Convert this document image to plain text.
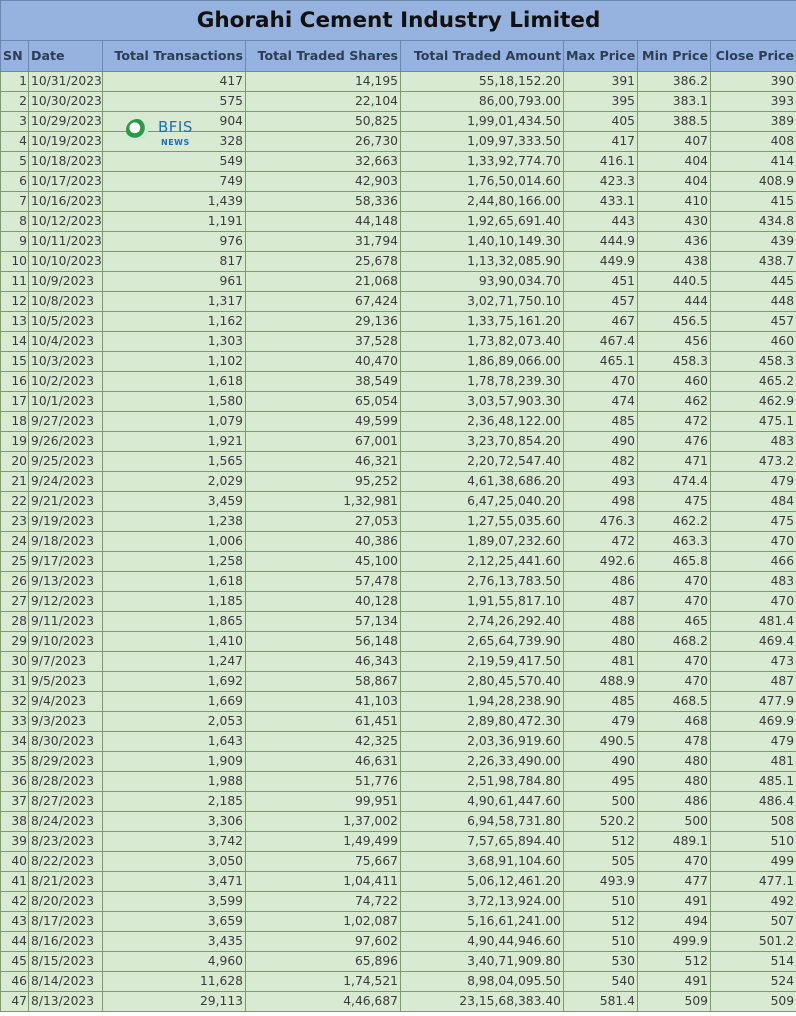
Ghorahi Cement Industry Limited							
SN	Date	Total Transactions	Total Traded Shares	Total Traded Amount	Max Price	Min Price	Close Price
1	10/31/2023	417	14,195	55,18,152.20	391	386.2	390
2	10/30/2023	575	22,104	86,00,793.00	395	383.1	393
3	10/29/2023	904	50,825	1,99,01,434.50	405	388.5	389
4	10/19/2023	328	26,730	1,09,97,333.50	417	407	408
5	10/18/2023	549	32,663	1,33,92,774.70	416.1	404	414
6	10/17/2023	749	42,903	1,76,50,014.60	423.3	404	408.9
7	10/16/2023	1,439	58,336	2,44,80,166.00	433.1	410	415
8	10/12/2023	1,191	44,148	1,92,65,691.40	443	430	434.8
9	10/11/2023	976	31,794	1,40,10,149.30	444.9	436	439
10	10/10/2023	817	25,678	1,13,32,085.90	449.9	438	438.7
11	10/9/2023	961	21,068	93,90,034.70	451	440.5	445
12	10/8/2023	1,317	67,424	3,02,71,750.10	457	444	448
13	10/5/2023	1,162	29,136	1,33,75,161.20	467	456.5	457
14	10/4/2023	1,303	37,528	1,73,82,073.40	467.4	456	460
15	10/3/2023	1,102	40,470	1,86,89,066.00	465.1	458.3	458.3
16	10/2/2023	1,618	38,549	1,78,78,239.30	470	460	465.2
17	10/1/2023	1,580	65,054	3,03,57,903.30	474	462	462.9
18	9/27/2023	1,079	49,599	2,36,48,122.00	485	472	475.1
19	9/26/2023	1,921	67,001	3,23,70,854.20	490	476	483
20	9/25/2023	1,565	46,321	2,20,72,547.40	482	471	473.2
21	9/24/2023	2,029	95,252	4,61,38,686.20	493	474.4	479
22	9/21/2023	3,459	1,32,981	6,47,25,040.20	498	475	484
23	9/19/2023	1,238	27,053	1,27,55,035.60	476.3	462.2	475
24	9/18/2023	1,006	40,386	1,89,07,232.60	472	463.3	470
25	9/17/2023	1,258	45,100	2,12,25,441.60	492.6	465.8	466
26	9/13/2023	1,618	57,478	2,76,13,783.50	486	470	483
27	9/12/2023	1,185	40,128	1,91,55,817.10	487	470	470
28	9/11/2023	1,865	57,134	2,74,26,292.40	488	465	481.4
29	9/10/2023	1,410	56,148	2,65,64,739.90	480	468.2	469.4
30	9/7/2023	1,247	46,343	2,19,59,417.50	481	470	473
31	9/5/2023	1,692	58,867	2,80,45,570.40	488.9	470	487
32	9/4/2023	1,669	41,103	1,94,28,238.90	485	468.5	477.9
33	9/3/2023	2,053	61,451	2,89,80,472.30	479	468	469.9
34	8/30/2023	1,643	42,325	2,03,36,919.60	490.5	478	479
35	8/29/2023	1,909	46,631	2,26,33,490.00	490	480	481
36	8/28/2023	1,988	51,776	2,51,98,784.80	495	480	485.1
37	8/27/2023	2,185	99,951	4,90,61,447.60	500	486	486.4
38	8/24/2023	3,306	1,37,002	6,94,58,731.80	520.2	500	508
39	8/23/2023	3,742	1,49,499	7,57,65,894.40	512	489.1	510
40	8/22/2023	3,050	75,667	3,68,91,104.60	505	470	499
41	8/21/2023	3,471	1,04,411	5,06,12,461.20	493.9	477	477.1
42	8/20/2023	3,599	74,722	3,72,13,924.00	510	491	492
43	8/17/2023	3,659	1,02,087	5,16,61,241.00	512	494	507
44	8/16/2023	3,435	97,602	4,90,44,946.60	510	499.9	501.2
45	8/15/2023	4,960	65,896	3,40,71,909.80	530	512	514
46	8/14/2023	11,628	1,74,521	8,98,04,095.50	540	491	524
47	8/13/2023	29,113	4,46,687	23,15,68,383.40	581.4	509	509
BFIS
NEWS
